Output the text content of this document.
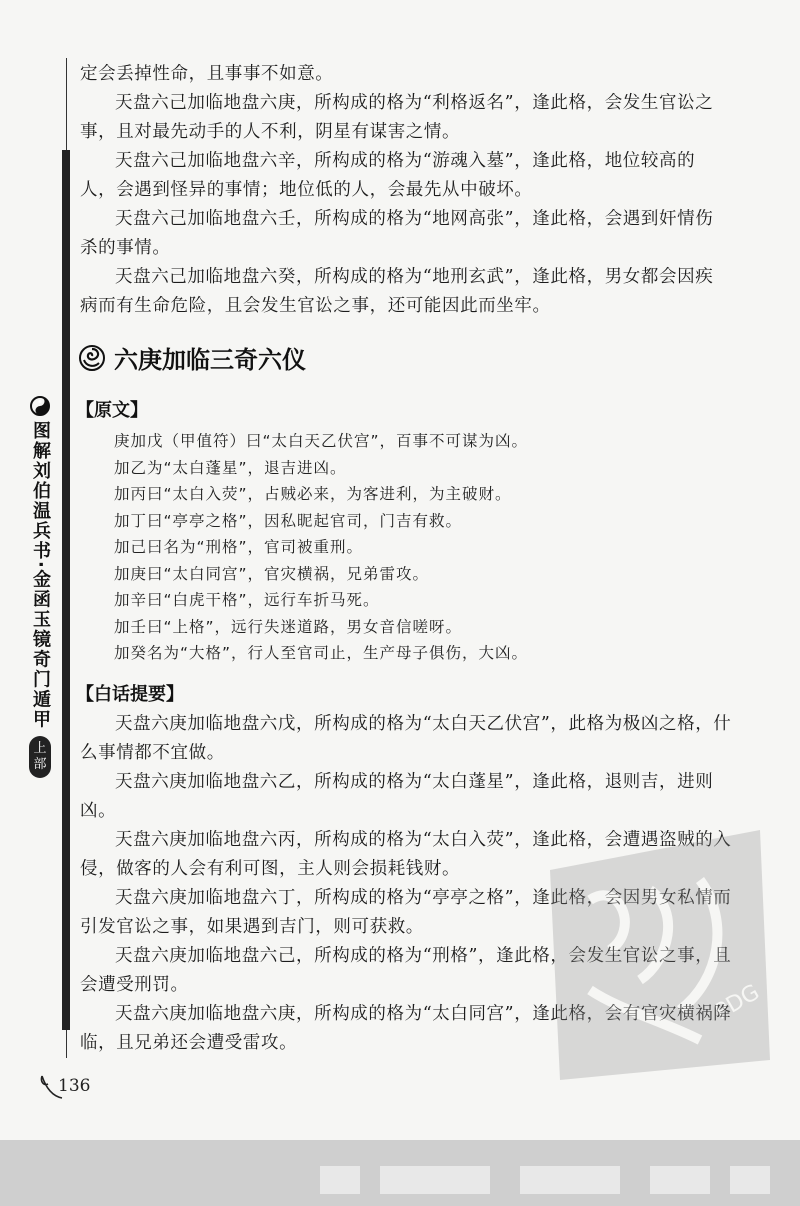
图解刘伯温兵书·金函玉镜奇门遁甲
上
部

定会丢掉性命，且事事不如意。

天盘六己加临地盘六庚，所构成的格为“利格返名”，逢此格，会发生官讼之事，且对最先动手的人不利，阴星有谋害之情。

天盘六己加临地盘六辛，所构成的格为“游魂入墓”，逢此格，地位较高的人，会遇到怪异的事情；地位低的人，会最先从中破坏。

天盘六己加临地盘六壬，所构成的格为“地网高张”，逢此格，会遇到奸情伤杀的事情。

天盘六己加临地盘六癸，所构成的格为“地刑玄武”，逢此格，男女都会因疾病而有生命危险，且会发生官讼之事，还可能因此而坐牢。

六庚加临三奇六仪
【原文】

庚加戊（甲值符）曰“太白天乙伏宫”，百事不可谋为凶。

加乙为“太白蓬星”，退吉进凶。

加丙曰“太白入荧”，占贼必来，为客进利，为主破财。

加丁曰“亭亭之格”，因私昵起官司，门吉有救。

加己曰名为“刑格”，官司被重刑。

加庚曰“太白同宫”，官灾横祸，兄弟雷攻。

加辛曰“白虎干格”，远行车折马死。

加壬曰“上格”，远行失迷道路，男女音信嗟呀。

加癸名为“大格”，行人至官司止，生产母子俱伤，大凶。

【白话提要】

天盘六庚加临地盘六戊，所构成的格为“太白天乙伏宫”，此格为极凶之格，什么事情都不宜做。

天盘六庚加临地盘六乙，所构成的格为“太白蓬星”，逢此格，退则吉，进则凶。

天盘六庚加临地盘六丙，所构成的格为“太白入荧”，逢此格，会遭遇盗贼的入侵，做客的人会有利可图，主人则会损耗钱财。

天盘六庚加临地盘六丁，所构成的格为“亭亭之格”，逢此格，会因男女私情而引发官讼之事，如果遇到吉门，则可获救。

天盘六庚加临地盘六己，所构成的格为“刑格”，逢此格，会发生官讼之事，且会遭受刑罚。

天盘六庚加临地盘六庚，所构成的格为“太白同宫”，逢此格，会有官灾横祸降临，且兄弟还会遭受雷攻。

PDG
136
